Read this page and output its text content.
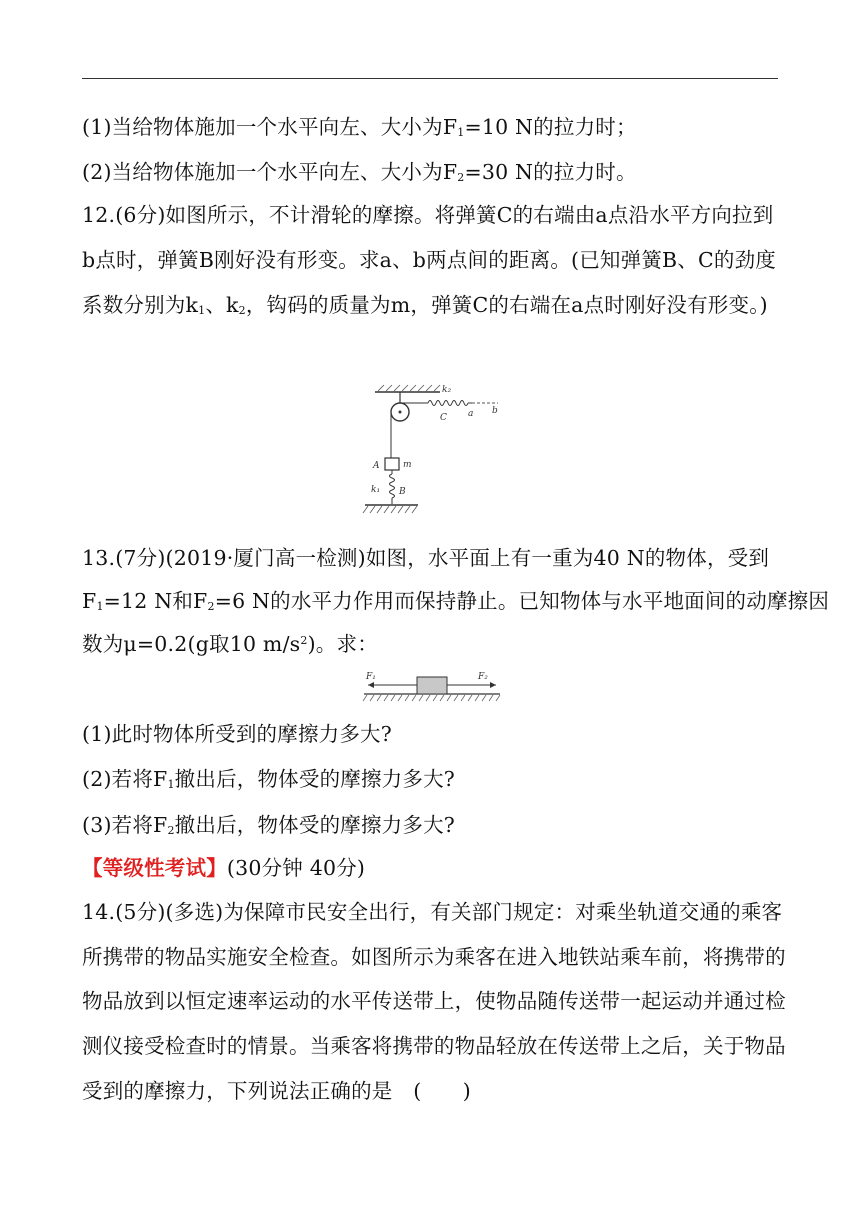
(1)当给物体施加一个水平向左、大小为$F_1=10$ N的拉力时；
(2)当给物体施加一个水平向左、大小为$F_2=30$ N的拉力时。
12.(6分)如图所示，不计滑轮的摩擦。将弹簧C的右端由a点沿水平方向拉到
b点时，弹簧B刚好没有形变。求a、b两点间的距离。(已知弹簧B、C的劲度
系数分别为$k_1$、$k_2$，钩码的质量为m，弹簧C的右端在a点时刚好没有形变。)
k₂
C a b
A	m
k₁ B
13.(7分)(2019·厦门高一检测)如图，水平面上有一重为40 N的物体，受到
$F_1=12$ N和$F_2=6$ N的水平力作用而保持静止。已知物体与水平地面间的动摩擦因
数为μ=0.2(g取10 $m/s^2$)。求：
F₁	F₂
(1)此时物体所受到的摩擦力多大?
(2)若将$F_1$撤出后，物体受的摩擦力多大?
(3)若将$F_2$撤出后，物体受的摩擦力多大?
【等级性考试】(30分钟 40分)
14.(5分)(多选)为保障市民安全出行，有关部门规定：对乘坐轨道交通的乘客
所携带的物品实施安全检查。如图所示为乘客在进入地铁站乘车前，将携带的
物品放到以恒定速率运动的水平传送带上，使物品随传送带一起运动并通过检
测仪接受检查时的情景。当乘客将携带的物品轻放在传送带上之后，关于物品
受到的摩擦力，下列说法正确的是　(　　)
